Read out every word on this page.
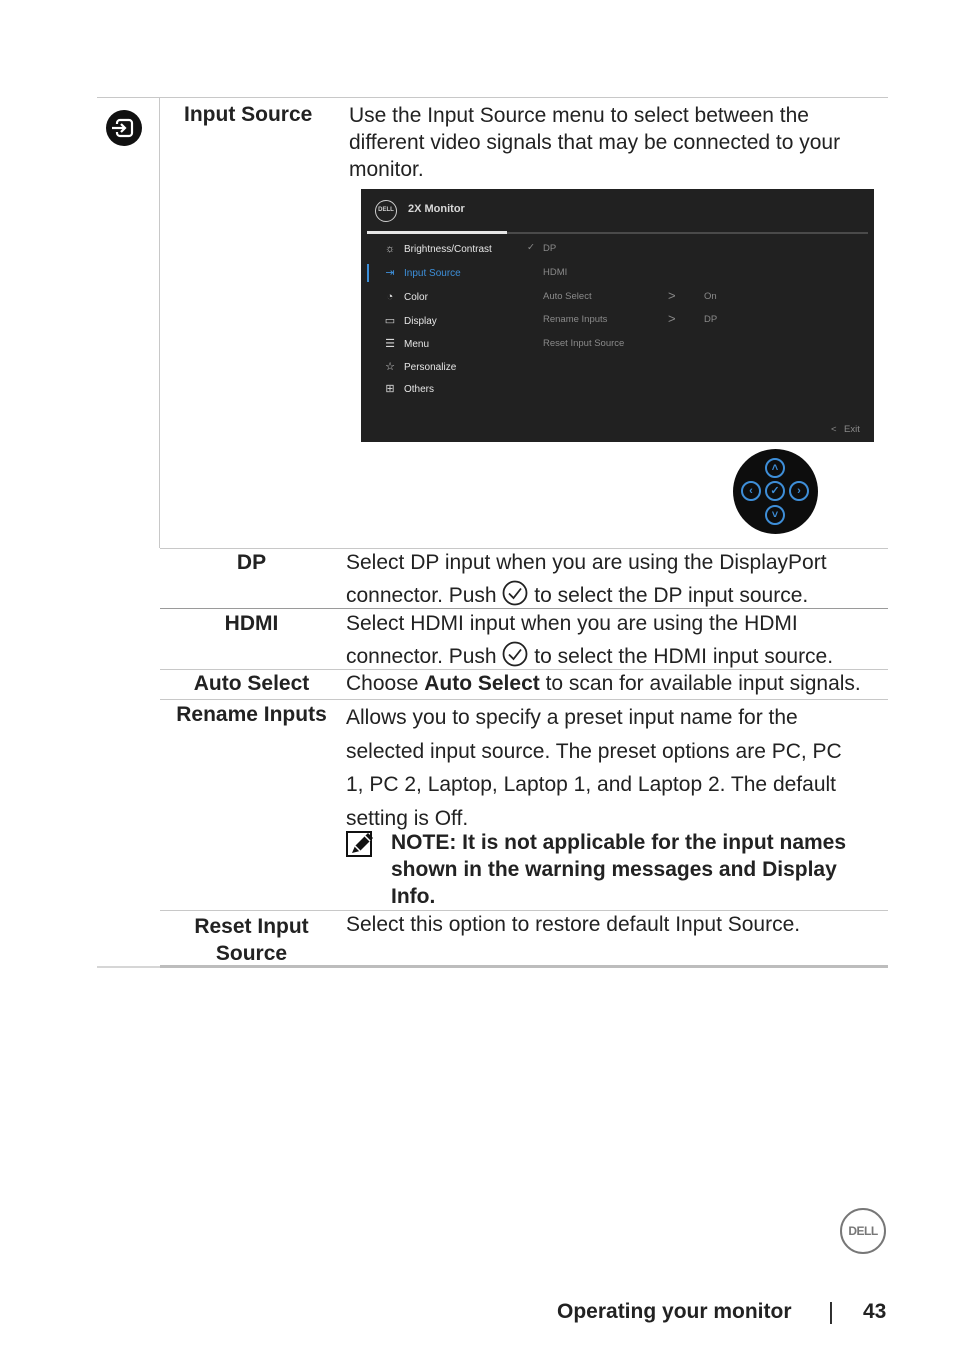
Input Source Use the Input Source menu to select between the different video signals that may be connected to your monitor.
DELL 2X Monitor
☼ Brightness/Contrast
⇥ Input Source
◔	Color
▭ Display
☰ Menu
☆ Personalize
⊞ Others
✓ DP
HDMI
Auto Select
Rename Inputs
Reset Input Source
>
>
On
DP
< Exit
˄
‹	✓	›
˅
DP	Select DP input when you are using the DisplayPort
connector. Push  to select the DP input source.
HDMI	Select HDMI input when you are using the HDMI
connector. Push  to select the HDMI input source.
Auto Select	Choose Auto Select to scan for available input signals.
Rename Inputs Allows you to specify a preset input name for the
selected input source. The preset options are PC, PC
1, PC 2, Laptop, Laptop 1, and Laptop 2. The default
setting is Off.
NOTE: It is not applicable for the input names
shown in the warning messages and Display
Info.
Reset Input
Source
Select this option to restore default Input Source.
DELL
Operating your monitor | 43
